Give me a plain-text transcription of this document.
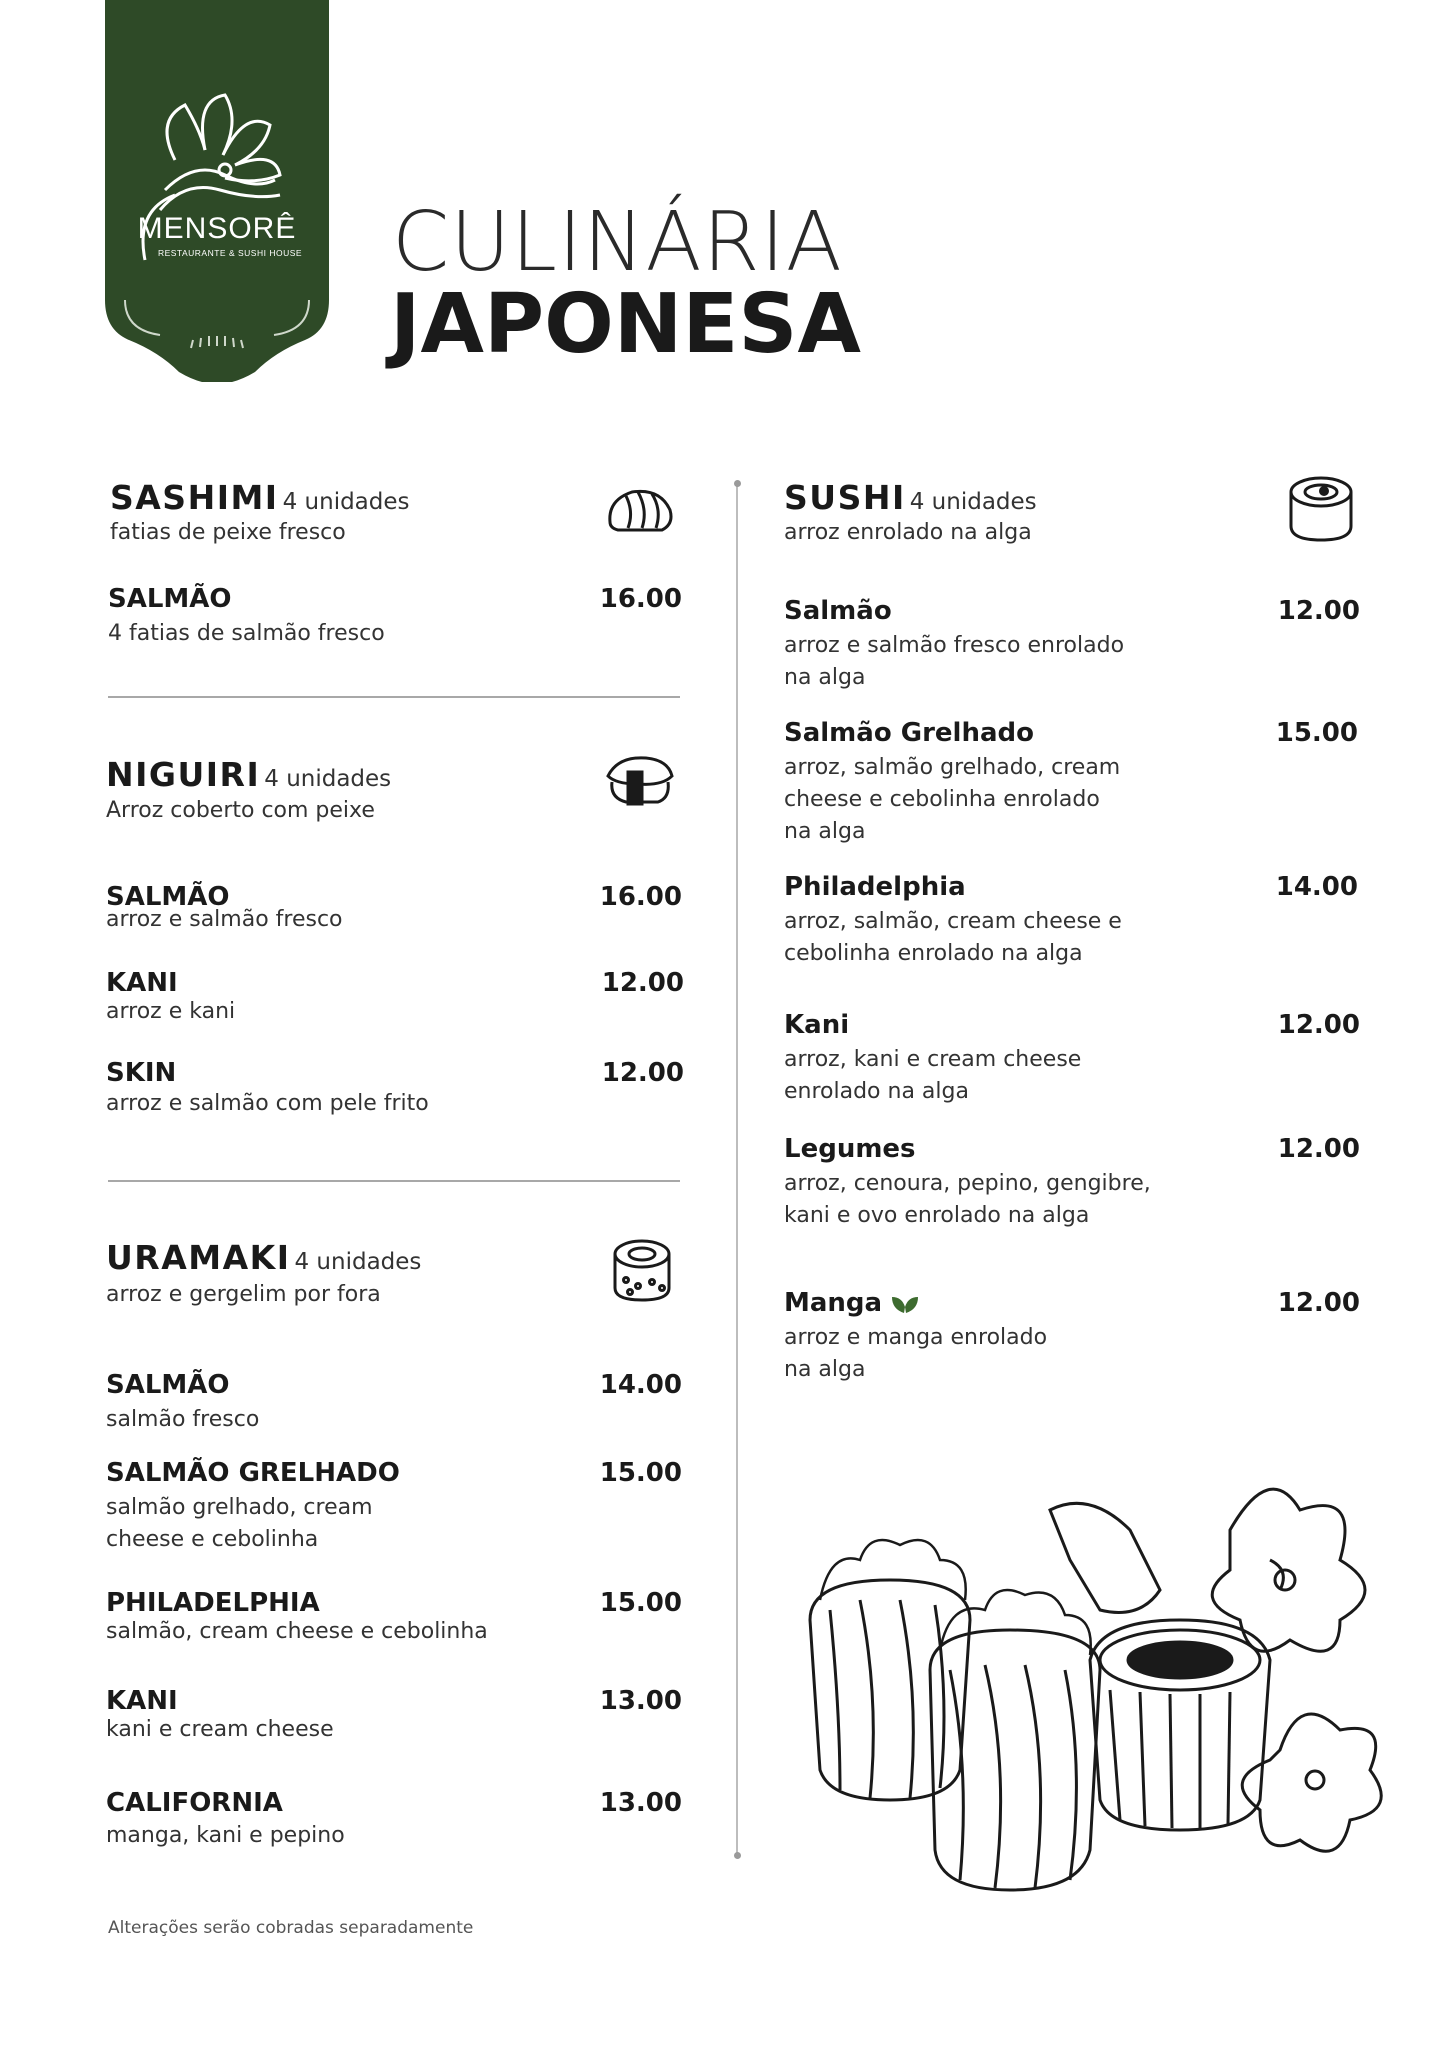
MENSORÊ
RESTAURANTE & SUSHI HOUSE CULINÁRIA
JAPONESA
SASHIMI 4 unidades
fatias de peixe fresco
SALMÃO	16.00
4 fatias de salmão fresco
NIGUIRI 4 unidades
Arroz coberto com peixe
SALMÃO	16.00
arroz e salmão fresco
KANI	12.00
arroz e kani
SKIN	12.00
arroz e salmão com pele frito
URAMAKI 4 unidades
arroz e gergelim por fora
SALMÃO	14.00
salmão fresco
SALMÃO GRELHADO	15.00
salmão grelhado, cream
cheese e cebolinha
PHILADELPHIA	15.00
salmão, cream cheese e cebolinha
KANI	13.00
kani e cream cheese
CALIFORNIA	13.00
manga, kani e pepino
SUSHI 4 unidades
arroz enrolado na alga
Salmão	12.00
arroz e salmão fresco enrolado
na alga
Salmão Grelhado	15.00
arroz, salmão grelhado, cream
cheese e cebolinha enrolado
na alga
Philadelphia	14.00
arroz, salmão, cream cheese e
cebolinha enrolado na alga
Kani	12.00
arroz, kani e cream cheese
enrolado na alga
Legumes	12.00
arroz, cenoura, pepino, gengibre,
kani e ovo enrolado na alga
Manga	12.00
arroz e manga enrolado
na alga
Alterações serão cobradas separadamente
